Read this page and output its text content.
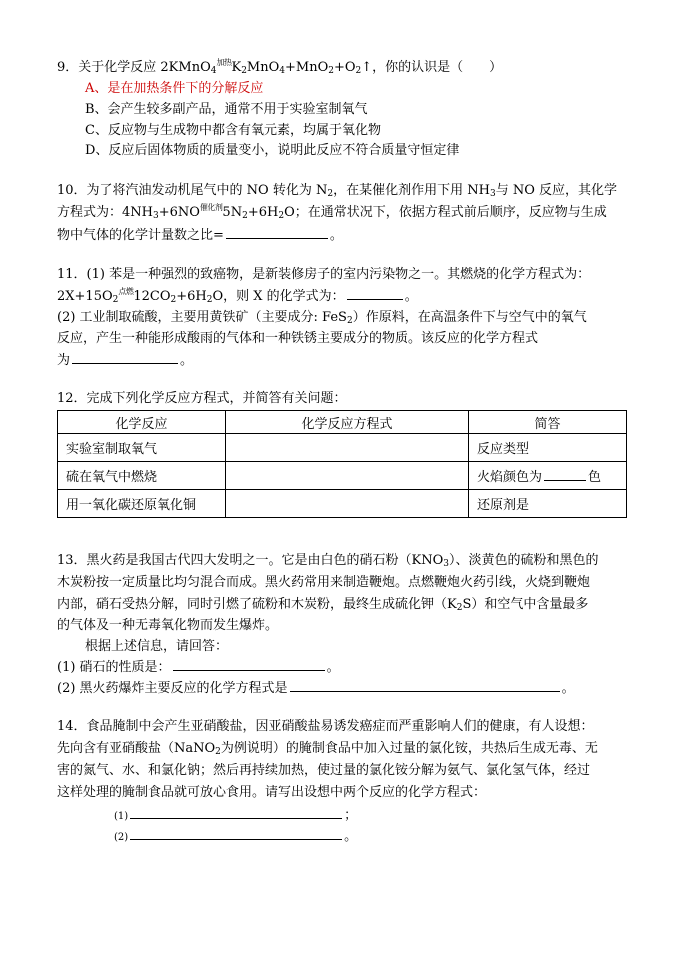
9．关于化学反应 2KMnO$_4$加热$K_2MnO_4+MnO_2+O_2↑$，你的认识是（　　）
A、是在加热条件下的分解反应
B、会产生较多副产品，通常不用于实验室制氧气
C、反应物与生成物中都含有氧元素，均属于氧化物
D、反应后固体物质的质量变小，说明此反应不符合质量守恒定律
10．为了将汽油发动机尾气中的 NO 转化为 $N_2$，在某催化剂作用下用 $NH_3$与 NO 反应，其化学
方程式为：$4NH_3+6NO$催化剂$5N_2+6H_2O$；在通常状况下，依据方程式前后顺序，反应物与生成
物中气体的化学计量数之比=	。
11．(1) 苯是一种强烈的致癌物，是新装修房子的室内污染物之一。其燃烧的化学方程式为：
$2X+15O_2$点燃$12CO_2+6H_2O$，则 X 的化学式为：	。
(2) 工业制取硫酸，主要用黄铁矿（主要成分: FeS$_2$）作原料，在高温条件下与空气中的氧气
反应，产生一种能形成酸雨的气体和一种铁锈主要成分的物质。该反应的化学方程式
为	。
12．完成下列化学反应方程式，并简答有关问题：
化学反应	化学反应方程式	简答
实验室制取氧气		反应类型
硫在氧气中燃烧		火焰颜色为 色
用一氧化碳还原氧化铜		还原剂是
13．黑火药是我国古代四大发明之一。它是由白色的硝石粉$(KNO_3)$、淡黄色的硫粉和黑色的
木炭粉按一定质量比均匀混合而成。黑火药常用来制造鞭炮。点燃鞭炮火药引线，火烧到鞭炮
内部，硝石受热分解，同时引燃了硫粉和木炭粉，最终生成硫化钾$(K_2S)$和空气中含量最多
的气体及一种无毒氧化物而发生爆炸。
根据上述信息，请回答：
(1) 硝石的性质是：	。
(2) 黑火药爆炸主要反应的化学方程式是	。
14．食品腌制中会产生亚硝酸盐，因亚硝酸盐易诱发癌症而严重影响人们的健康，有人设想：
先向含有亚硝酸盐（NaNO$_2$为例说明）的腌制食品中加入过量的氯化铵，共热后生成无毒、无
害的氮气、水、和氯化钠；然后再持续加热，使过量的氯化铵分解为氨气、氯化氢气体，经过
这样处理的腌制食品就可放心食用。请写出设想中两个反应的化学方程式：
(1)	；
(2)	。
